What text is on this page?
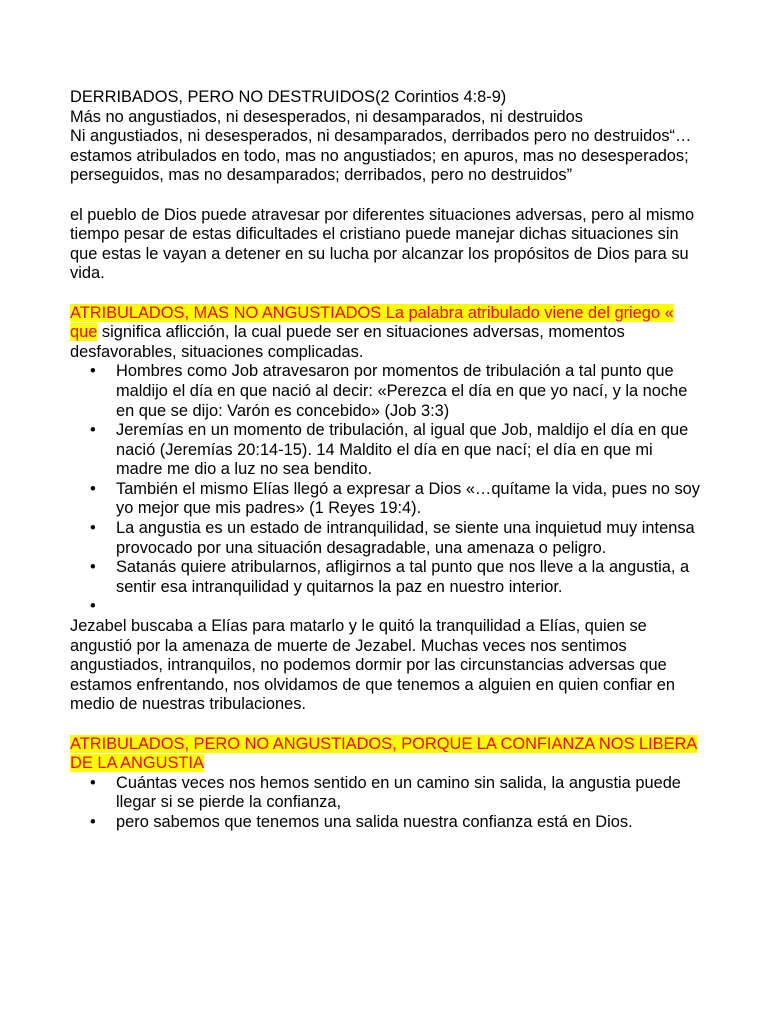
DERRIBADOS, PERO NO DESTRUIDOS(2 Corintios 4:8-9)

Más no angustiados, ni desesperados, ni desamparados, ni destruidos

Ni angustiados, ni desesperados, ni desamparados, derribados pero no destruidos“…estamos atribulados en todo, mas no angustiados; en apuros, mas no desesperados; perseguidos, mas no desamparados; derribados, pero no destruidos”

el pueblo de Dios puede atravesar por diferentes situaciones adversas, pero al mismo tiempo pesar de estas dificultades el cristiano puede manejar dichas situaciones sin que estas le vayan a detener en su lucha por alcanzar los propósitos de Dios para su vida.

ATRIBULADOS, MAS NO ANGUSTIADOS La palabra atribulado viene del griego « que significa aflicción, la cual puede ser en situaciones adversas, momentos desfavorables, situaciones complicadas.

• Hombres como Job atravesaron por momentos de tribulación a tal punto que maldijo el día en que nació al decir: «Perezca el día en que yo nací, y la noche en que se dijo: Varón es concebido» (Job 3:3)
• Jeremías en un momento de tribulación, al igual que Job, maldijo el día en que nació (Jeremías 20:14-15). 14 Maldito el día en que nací; el día en que mi madre me dio a luz no sea bendito.
• También el mismo Elías llegó a expresar a Dios «…quítame la vida, pues no soy yo mejor que mis padres» (1 Reyes 19:4).
• La angustia es un estado de intranquilidad, se siente una inquietud muy intensa provocado por una situación desagradable, una amenaza o peligro.
• Satanás quiere atribularnos, afligirnos a tal punto que nos lleve a la angustia, a sentir esa intranquilidad y quitarnos la paz en nuestro interior.
•

Jezabel buscaba a Elías para matarlo y le quitó la tranquilidad a Elías, quien se angustió por la amenaza de muerte de Jezabel. Muchas veces nos sentimos angustiados, intranquilos, no podemos dormir por las circunstancias adversas que estamos enfrentando, nos olvidamos de que tenemos a alguien en quien confiar en medio de nuestras tribulaciones.

ATRIBULADOS, PERO NO ANGUSTIADOS, PORQUE LA CONFIANZA NOS LIBERA DE LA ANGUSTIA

• Cuántas veces nos hemos sentido en un camino sin salida, la angustia puede llegar si se pierde la confianza,
• pero sabemos que tenemos una salida nuestra confianza está en Dios.
